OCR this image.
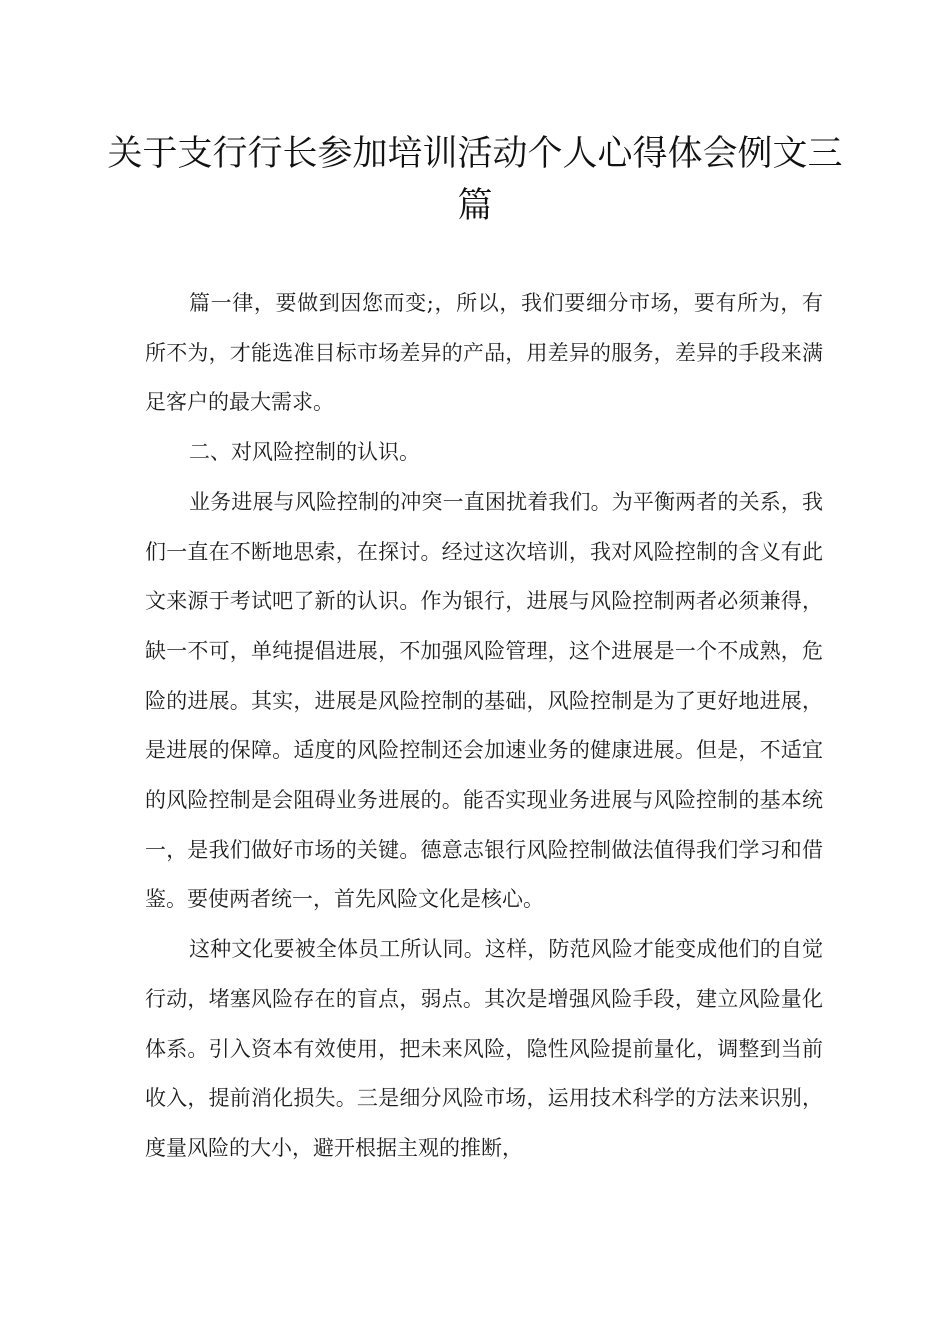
关于支行行长参加培训活动个人心得体会例文三篇

篇一律，要做到因您而变;，所以，我们要细分市场，要有所为，有所不为，才能选准目标市场差异的产品，用差异的服务，差异的手段来满足客户的最大需求。

二、对风险控制的认识。

业务进展与风险控制的冲突一直困扰着我们。为平衡两者的关系，我们一直在不断地思索，在探讨。经过这次培训，我对风险控制的含义有此文来源于考试吧了新的认识。作为银行，进展与风险控制两者必须兼得，缺一不可，单纯提倡进展，不加强风险管理，这个进展是一个不成熟，危险的进展。其实，进展是风险控制的基础，风险控制是为了更好地进展，是进展的保障。适度的风险控制还会加速业务的健康进展。但是，不适宜的风险控制是会阻碍业务进展的。能否实现业务进展与风险控制的基本统一，是我们做好市场的关键。德意志银行风险控制做法值得我们学习和借鉴。要使两者统一，首先风险文化是核心。

这种文化要被全体员工所认同。这样，防范风险才能变成他们的自觉行动，堵塞风险存在的盲点，弱点。其次是增强风险手段，建立风险量化体系。引入资本有效使用，把未来风险，隐性风险提前量化，调整到当前收入，提前消化损失。三是细分风险市场，运用技术科学的方法来识别，度量风险的大小，避开根据主观的推断，
